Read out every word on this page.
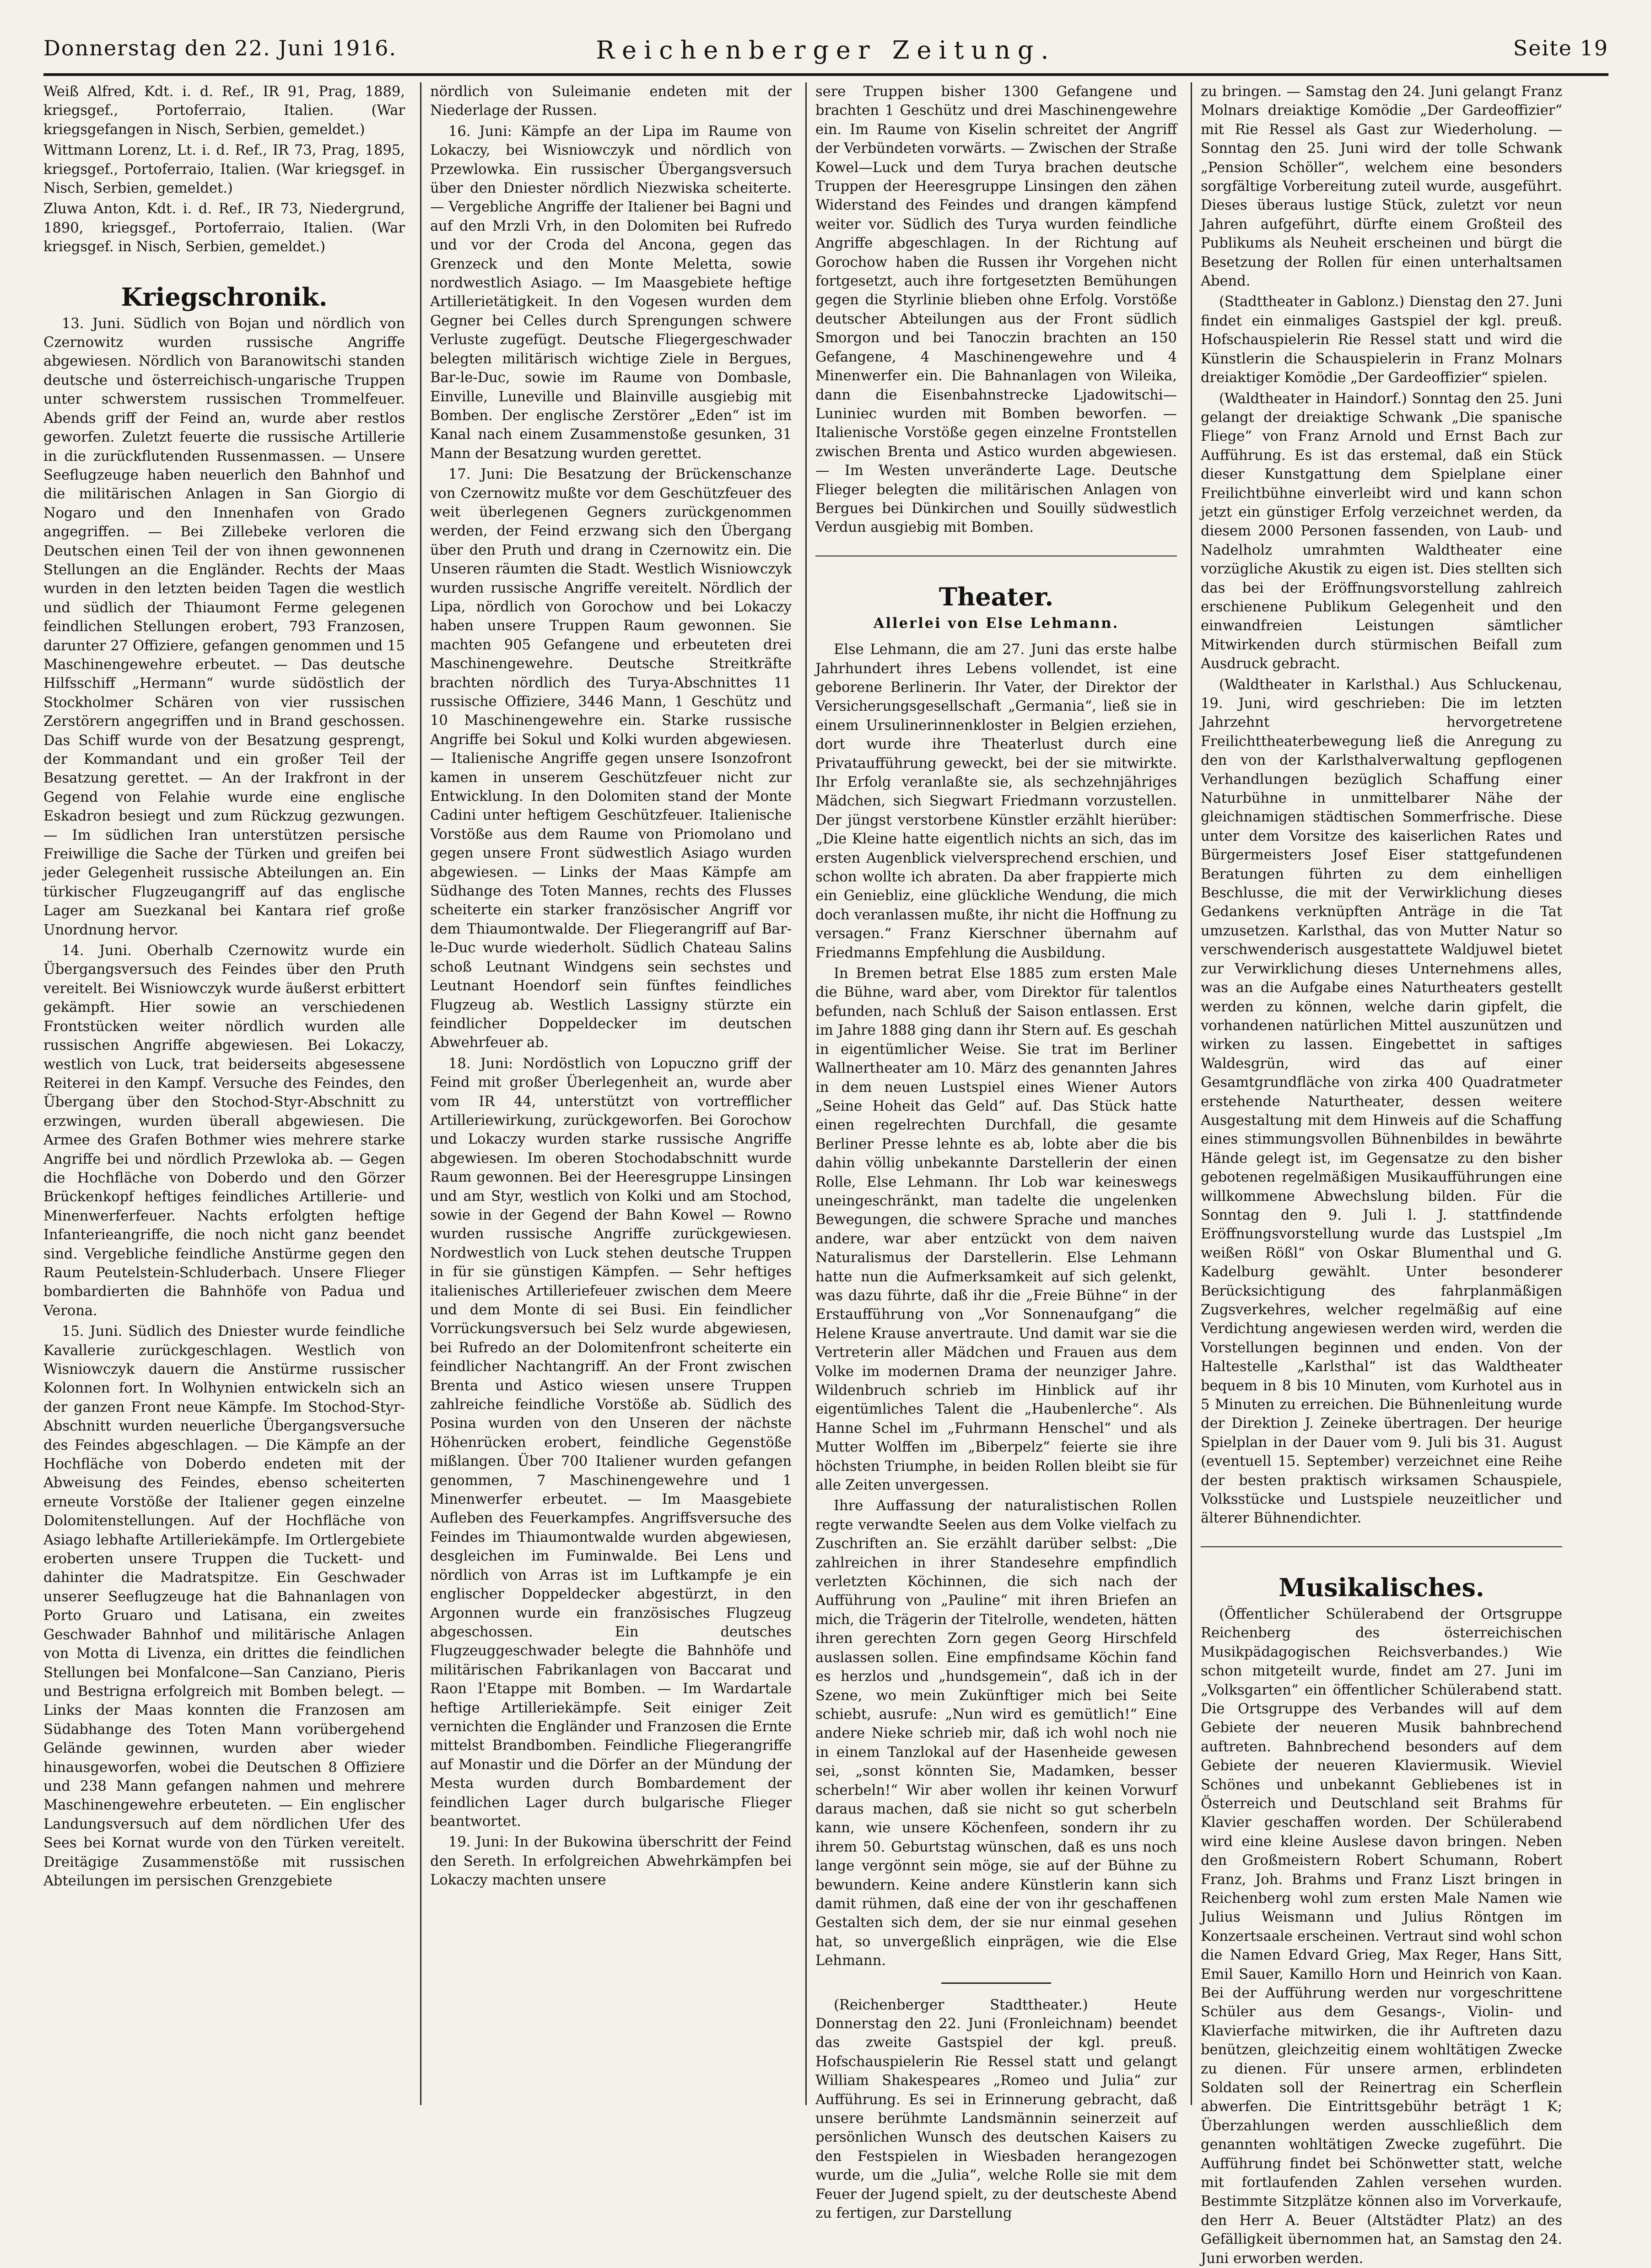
Donnerstag den 22. Juni 1916.	Reichenberger Zeitung.	Seite 19

Weiß Alfred, Kdt. i. d. Ref., IR 91, Prag, 1889, kriegsgef., Portoferraio, Italien. (War kriegsgefangen in Nisch, Serbien, gemeldet.)

Wittmann Lorenz, Lt. i. d. Ref., IR 73, Prag, 1895, kriegsgef., Portoferraio, Italien. (War kriegsgef. in Nisch, Serbien, gemeldet.)

Zluwa Anton, Kdt. i. d. Ref., IR 73, Niedergrund, 1890, kriegsgef., Portoferraio, Italien. (War kriegsgef. in Nisch, Serbien, gemeldet.)

Kriegschronik.

13. Juni. Südlich von Bojan und nördlich von Czernowitz wurden russische Angriffe abgewiesen. Nördlich von Baranowitschi standen deutsche und österreichisch-ungarische Truppen unter schwerstem russischen Trommelfeuer. Abends griff der Feind an, wurde aber restlos geworfen. Zuletzt feuerte die russische Artillerie in die zurückflutenden Russenmassen. — Unsere Seeflugzeuge haben neuerlich den Bahnhof und die militärischen Anlagen in San Giorgio di Nogaro und den Innenhafen von Grado angegriffen. — Bei Zillebeke verloren die Deutschen einen Teil der von ihnen gewonnenen Stellungen an die Engländer. Rechts der Maas wurden in den letzten beiden Tagen die westlich und südlich der Thiaumont Ferme gelegenen feindlichen Stellungen erobert, 793 Franzosen, darunter 27 Offiziere, gefangen genommen und 15 Maschinengewehre erbeutet. — Das deutsche Hilfsschiff „Hermann“ wurde südöstlich der Stockholmer Schären von vier russischen Zerstörern angegriffen und in Brand geschossen. Das Schiff wurde von der Besatzung gesprengt, der Kommandant und ein großer Teil der Besatzung gerettet. — An der Irakfront in der Gegend von Felahie wurde eine englische Eskadron besiegt und zum Rückzug gezwungen. — Im südlichen Iran unterstützen persische Freiwillige die Sache der Türken und greifen bei jeder Gelegenheit russische Abteilungen an. Ein türkischer Flugzeugangriff auf das englische Lager am Suezkanal bei Kantara rief große Unordnung hervor.

14. Juni. Oberhalb Czernowitz wurde ein Übergangsversuch des Feindes über den Pruth vereitelt. Bei Wisniowczyk wurde äußerst erbittert gekämpft. Hier sowie an verschiedenen Frontstücken weiter nördlich wurden alle russischen Angriffe abgewiesen. Bei Lokaczy, westlich von Luck, trat beiderseits abgesessene Reiterei in den Kampf. Versuche des Feindes, den Übergang über den Stochod-Styr-Abschnitt zu erzwingen, wurden überall abgewiesen. Die Armee des Grafen Bothmer wies mehrere starke Angriffe bei und nördlich Przewloka ab. — Gegen die Hochfläche von Doberdo und den Görzer Brückenkopf heftiges feindliches Artillerie- und Minenwerferfeuer. Nachts erfolgten heftige Infanterieangriffe, die noch nicht ganz beendet sind. Vergebliche feindliche Anstürme gegen den Raum Peutelstein-Schluderbach. Unsere Flieger bombardierten die Bahnhöfe von Padua und Verona.

15. Juni. Südlich des Dniester wurde feindliche Kavallerie zurückgeschlagen. Westlich von Wisniowczyk dauern die Anstürme russischer Kolonnen fort. In Wolhynien entwickeln sich an der ganzen Front neue Kämpfe. Im Stochod-Styr-Abschnitt wurden neuerliche Übergangsversuche des Feindes abgeschlagen. — Die Kämpfe an der Hochfläche von Doberdo endeten mit der Abweisung des Feindes, ebenso scheiterten erneute Vorstöße der Italiener gegen einzelne Dolomitenstellungen. Auf der Hochfläche von Asiago lebhafte Artilleriekämpfe. Im Ortlergebiete eroberten unsere Truppen die Tuckett- und dahinter die Madratspitze. Ein Geschwader unserer Seeflugzeuge hat die Bahnanlagen von Porto Gruaro und Latisana, ein zweites Geschwader Bahnhof und militärische Anlagen von Motta di Livenza, ein drittes die feindlichen Stellungen bei Monfalcone—San Canziano, Pieris und Bestrigna erfolgreich mit Bomben belegt. — Links der Maas konnten die Franzosen am Südabhange des Toten Mann vorübergehend Gelände gewinnen, wurden aber wieder hinausgeworfen, wobei die Deutschen 8 Offiziere und 238 Mann gefangen nahmen und mehrere Maschinengewehre erbeuteten. — Ein englischer Landungsversuch auf dem nördlichen Ufer des Sees bei Kornat wurde von den Türken vereitelt. Dreitägige Zusammenstöße mit russischen Abteilungen im persischen Grenzgebiete

nördlich von Suleimanie endeten mit der Niederlage der Russen.

16. Juni: Kämpfe an der Lipa im Raume von Lokaczy, bei Wisniowczyk und nördlich von Przewlowka. Ein russischer Übergangsversuch über den Dniester nördlich Niezwiska scheiterte. — Vergebliche Angriffe der Italiener bei Bagni und auf den Mrzli Vrh, in den Dolomiten bei Rufredo und vor der Croda del Ancona, gegen das Grenzeck und den Monte Meletta, sowie nordwestlich Asiago. — Im Maasgebiete heftige Artillerietätigkeit. In den Vogesen wurden dem Gegner bei Celles durch Sprengungen schwere Verluste zugefügt. Deutsche Fliegergeschwader belegten militärisch wichtige Ziele in Bergues, Bar-le-Duc, sowie im Raume von Dombasle, Einville, Luneville und Blainville ausgiebig mit Bomben. Der englische Zerstörer „Eden“ ist im Kanal nach einem Zusammenstoße gesunken, 31 Mann der Besatzung wurden gerettet.

17. Juni: Die Besatzung der Brückenschanze von Czernowitz mußte vor dem Geschützfeuer des weit überlegenen Gegners zurückgenommen werden, der Feind erzwang sich den Übergang über den Pruth und drang in Czernowitz ein. Die Unseren räumten die Stadt. Westlich Wisniowczyk wurden russische Angriffe vereitelt. Nördlich der Lipa, nördlich von Gorochow und bei Lokaczy haben unsere Truppen Raum gewonnen. Sie machten 905 Gefangene und erbeuteten drei Maschinengewehre. Deutsche Streitkräfte brachten nördlich des Turya-Abschnittes 11 russische Offiziere, 3446 Mann, 1 Geschütz und 10 Maschinengewehre ein. Starke russische Angriffe bei Sokul und Kolki wurden abgewiesen. — Italienische Angriffe gegen unsere Isonzofront kamen in unserem Geschützfeuer nicht zur Entwicklung. In den Dolomiten stand der Monte Cadini unter heftigem Geschützfeuer. Italienische Vorstöße aus dem Raume von Priomolano und gegen unsere Front südwestlich Asiago wurden abgewiesen. — Links der Maas Kämpfe am Südhange des Toten Mannes, rechts des Flusses scheiterte ein starker französischer Angriff vor dem Thiaumontwalde. Der Fliegerangriff auf Bar-le-Duc wurde wiederholt. Südlich Chateau Salins schoß Leutnant Windgens sein sechstes und Leutnant Hoendorf sein fünftes feindliches Flugzeug ab. Westlich Lassigny stürzte ein feindlicher Doppeldecker im deutschen Abwehrfeuer ab.

18. Juni: Nordöstlich von Lopuczno griff der Feind mit großer Überlegenheit an, wurde aber vom IR 44, unterstützt von vortrefflicher Artilleriewirkung, zurückgeworfen. Bei Gorochow und Lokaczy wurden starke russische Angriffe abgewiesen. Im oberen Stochodabschnitt wurde Raum gewonnen. Bei der Heeresgruppe Linsingen und am Styr, westlich von Kolki und am Stochod, sowie in der Gegend der Bahn Kowel — Rowno wurden russische Angriffe zurückgewiesen. Nordwestlich von Luck stehen deutsche Truppen in für sie günstigen Kämpfen. — Sehr heftiges italienisches Artilleriefeuer zwischen dem Meere und dem Monte di sei Busi. Ein feindlicher Vorrückungsversuch bei Selz wurde abgewiesen, bei Rufredo an der Dolomitenfront scheiterte ein feindlicher Nachtangriff. An der Front zwischen Brenta und Astico wiesen unsere Truppen zahlreiche feindliche Vorstöße ab. Südlich des Posina wurden von den Unseren der nächste Höhenrücken erobert, feindliche Gegenstöße mißlangen. Über 700 Italiener wurden gefangen genommen, 7 Maschinengewehre und 1 Minenwerfer erbeutet. — Im Maasgebiete Aufleben des Feuerkampfes. Angriffsversuche des Feindes im Thiaumontwalde wurden abgewiesen, desgleichen im Fuminwalde. Bei Lens und nördlich von Arras ist im Luftkampfe je ein englischer Doppeldecker abgestürzt, in den Argonnen wurde ein französisches Flugzeug abgeschossen. Ein deutsches Flugzeuggeschwader belegte die Bahnhöfe und militärischen Fabrikanlagen von Baccarat und Raon l'Etappe mit Bomben. — Im Wardartale heftige Artilleriekämpfe. Seit einiger Zeit vernichten die Engländer und Franzosen die Ernte mittelst Brandbomben. Feindliche Fliegerangriffe auf Monastir und die Dörfer an der Mündung der Mesta wurden durch Bombardement der feindlichen Lager durch bulgarische Flieger beantwortet.

19. Juni: In der Bukowina überschritt der Feind den Sereth. In erfolgreichen Abwehrkämpfen bei Lokaczy machten unsere

sere Truppen bisher 1300 Gefangene und brachten 1 Geschütz und drei Maschinengewehre ein. Im Raume von Kiselin schreitet der Angriff der Verbündeten vorwärts. — Zwischen der Straße Kowel—Luck und dem Turya brachen deutsche Truppen der Heeresgruppe Linsingen den zähen Widerstand des Feindes und drangen kämpfend weiter vor. Südlich des Turya wurden feindliche Angriffe abgeschlagen. In der Richtung auf Gorochow haben die Russen ihr Vorgehen nicht fortgesetzt, auch ihre fortgesetzten Bemühungen gegen die Styrlinie blieben ohne Erfolg. Vorstöße deutscher Abteilungen aus der Front südlich Smorgon und bei Tanoczin brachten an 150 Gefangene, 4 Maschinengewehre und 4 Minenwerfer ein. Die Bahnanlagen von Wileika, dann die Eisenbahnstrecke Ljadowitschi—Luniniec wurden mit Bomben beworfen. — Italienische Vorstöße gegen einzelne Frontstellen zwischen Brenta und Astico wurden abgewiesen. — Im Westen unveränderte Lage. Deutsche Flieger belegten die militärischen Anlagen von Bergues bei Dünkirchen und Souilly südwestlich Verdun ausgiebig mit Bomben.

Theater.
Allerlei von Else Lehmann.

Else Lehmann, die am 27. Juni das erste halbe Jahrhundert ihres Lebens vollendet, ist eine geborene Berlinerin. Ihr Vater, der Direktor der Versicherungsgesellschaft „Germania“, ließ sie in einem Ursulinerinnenkloster in Belgien erziehen, dort wurde ihre Theaterlust durch eine Privataufführung geweckt, bei der sie mitwirkte. Ihr Erfolg veranlaßte sie, als sechzehnjähriges Mädchen, sich Siegwart Friedmann vorzustellen. Der jüngst verstorbene Künstler erzählt hierüber: „Die Kleine hatte eigentlich nichts an sich, das im ersten Augenblick vielversprechend erschien, und schon wollte ich abraten. Da aber frappierte mich ein Geniebliz, eine glückliche Wendung, die mich doch veranlassen mußte, ihr nicht die Hoffnung zu versagen.“ Franz Kierschner übernahm auf Friedmanns Empfehlung die Ausbildung.

In Bremen betrat Else 1885 zum ersten Male die Bühne, ward aber, vom Direktor für talentlos befunden, nach Schluß der Saison entlassen. Erst im Jahre 1888 ging dann ihr Stern auf. Es geschah in eigentümlicher Weise. Sie trat im Berliner Wallnertheater am 10. März des genannten Jahres in dem neuen Lustspiel eines Wiener Autors „Seine Hoheit das Geld“ auf. Das Stück hatte einen regelrechten Durchfall, die gesamte Berliner Presse lehnte es ab, lobte aber die bis dahin völlig unbekannte Darstellerin der einen Rolle, Else Lehmann. Ihr Lob war keineswegs uneingeschränkt, man tadelte die ungelenken Bewegungen, die schwere Sprache und manches andere, war aber entzückt von dem naiven Naturalismus der Darstellerin. Else Lehmann hatte nun die Aufmerksamkeit auf sich gelenkt, was dazu führte, daß ihr die „Freie Bühne“ in der Erstaufführung von „Vor Sonnenaufgang“ die Helene Krause anvertraute. Und damit war sie die Vertreterin aller Mädchen und Frauen aus dem Volke im modernen Drama der neunziger Jahre. Wildenbruch schrieb im Hinblick auf ihr eigentümliches Talent die „Haubenlerche“. Als Hanne Schel im „Fuhrmann Henschel“ und als Mutter Wolffen im „Biberpelz“ feierte sie ihre höchsten Triumphe, in beiden Rollen bleibt sie für alle Zeiten unvergessen.

Ihre Auffassung der naturalistischen Rollen regte verwandte Seelen aus dem Volke vielfach zu Zuschriften an. Sie erzählt darüber selbst: „Die zahlreichen in ihrer Standesehre empfindlich verletzten Köchinnen, die sich nach der Aufführung von „Pauline“ mit ihren Briefen an mich, die Trägerin der Titelrolle, wendeten, hätten ihren gerechten Zorn gegen Georg Hirschfeld auslassen sollen. Eine empfindsame Köchin fand es herzlos und „hundsgemein“, daß ich in der Szene, wo mein Zukünftiger mich bei Seite schiebt, ausrufe: „Nun wird es gemütlich!“ Eine andere Nieke schrieb mir, daß ich wohl noch nie in einem Tanzlokal auf der Hasenheide gewesen sei, „sonst könnten Sie, Madamken, besser scherbeln!“ Wir aber wollen ihr keinen Vorwurf daraus machen, daß sie nicht so gut scherbeln kann, wie unsere Köchenfeen, sondern ihr zu ihrem 50. Geburtstag wünschen, daß es uns noch lange vergönnt sein möge, sie auf der Bühne zu bewundern. Keine andere Künstlerin kann sich damit rühmen, daß eine der von ihr geschaffenen Gestalten sich dem, der sie nur einmal gesehen hat, so unvergeßlich einprägen, wie die Else Lehmann.

(Reichenberger Stadttheater.) Heute Donnerstag den 22. Juni (Fronleichnam) beendet das zweite Gastspiel der kgl. preuß. Hofschauspielerin Rie Ressel statt und gelangt William Shakespeares „Romeo und Julia“ zur Aufführung. Es sei in Erinnerung gebracht, daß unsere berühmte Landsmännin seinerzeit auf persönlichen Wunsch des deutschen Kaisers zu den Festspielen in Wiesbaden herangezogen wurde, um die „Julia“, welche Rolle sie mit dem Feuer der Jugend spielt, zu der deutscheste Abend zu fertigen, zur Darstellung

zu bringen. — Samstag den 24. Juni gelangt Franz Molnars dreiaktige Komödie „Der Gardeoffizier“ mit Rie Ressel als Gast zur Wiederholung. — Sonntag den 25. Juni wird der tolle Schwank „Pension Schöller“, welchem eine besonders sorgfältige Vorbereitung zuteil wurde, ausgeführt. Dieses überaus lustige Stück, zuletzt vor neun Jahren aufgeführt, dürfte einem Großteil des Publikums als Neuheit erscheinen und bürgt die Besetzung der Rollen für einen unterhaltsamen Abend.

(Stadttheater in Gablonz.) Dienstag den 27. Juni findet ein einmaliges Gastspiel der kgl. preuß. Hofschauspielerin Rie Ressel statt und wird die Künstlerin die Schauspielerin in Franz Molnars dreiaktiger Komödie „Der Gardeoffizier“ spielen.

(Waldtheater in Haindorf.) Sonntag den 25. Juni gelangt der dreiaktige Schwank „Die spanische Fliege“ von Franz Arnold und Ernst Bach zur Aufführung. Es ist das erstemal, daß ein Stück dieser Kunstgattung dem Spielplane einer Freilichtbühne einverleibt wird und kann schon jetzt ein günstiger Erfolg verzeichnet werden, da diesem 2000 Personen fassenden, von Laub- und Nadelholz umrahmten Waldtheater eine vorzügliche Akustik zu eigen ist. Dies stellten sich das bei der Eröffnungsvorstellung zahlreich erschienene Publikum Gelegenheit und den einwandfreien Leistungen sämtlicher Mitwirkenden durch stürmischen Beifall zum Ausdruck gebracht.

(Waldtheater in Karlsthal.) Aus Schluckenau, 19. Juni, wird geschrieben: Die im letzten Jahrzehnt hervorgetretene Freilichttheaterbewegung ließ die Anregung zu den von der Karlsthalverwaltung gepflogenen Verhandlungen bezüglich Schaffung einer Naturbühne in unmittelbarer Nähe der gleichnamigen städtischen Sommerfrische. Diese unter dem Vorsitze des kaiserlichen Rates und Bürgermeisters Josef Eiser stattgefundenen Beratungen führten zu dem einhelligen Beschlusse, die mit der Verwirklichung dieses Gedankens verknüpften Anträge in die Tat umzusetzen. Karlsthal, das von Mutter Natur so verschwenderisch ausgestattete Waldjuwel bietet zur Verwirklichung dieses Unternehmens alles, was an die Aufgabe eines Naturtheaters gestellt werden zu können, welche darin gipfelt, die vorhandenen natürlichen Mittel auszunützen und wirken zu lassen. Eingebettet in saftiges Waldesgrün, wird das auf einer Gesamtgrundfläche von zirka 400 Quadratmeter erstehende Naturtheater, dessen weitere Ausgestaltung mit dem Hinweis auf die Schaffung eines stimmungsvollen Bühnenbildes in bewährte Hände gelegt ist, im Gegensatze zu den bisher gebotenen regelmäßigen Musikaufführungen eine willkommene Abwechslung bilden. Für die Sonntag den 9. Juli l. J. stattfindende Eröffnungsvorstellung wurde das Lustspiel „Im weißen Rößl“ von Oskar Blumenthal und G. Kadelburg gewählt. Unter besonderer Berücksichtigung des fahrplanmäßigen Zugsverkehres, welcher regelmäßig auf eine Verdichtung angewiesen werden wird, werden die Vorstellungen beginnen und enden. Von der Haltestelle „Karlsthal“ ist das Waldtheater bequem in 8 bis 10 Minuten, vom Kurhotel aus in 5 Minuten zu erreichen. Die Bühnenleitung wurde der Direktion J. Zeineke übertragen. Der heurige Spielplan in der Dauer vom 9. Juli bis 31. August (eventuell 15. September) verzeichnet eine Reihe der besten praktisch wirksamen Schauspiele, Volksstücke und Lustspiele neuzeitlicher und älterer Bühnendichter.

Musikalisches.

(Öffentlicher Schülerabend der Ortsgruppe Reichenberg des österreichischen Musikpädagogischen Reichsverbandes.) Wie schon mitgeteilt wurde, findet am 27. Juni im „Volksgarten“ ein öffentlicher Schülerabend statt. Die Ortsgruppe des Verbandes will auf dem Gebiete der neueren Musik bahnbrechend auftreten. Bahnbrechend besonders auf dem Gebiete der neueren Klaviermusik. Wieviel Schönes und unbekannt Gebliebenes ist in Österreich und Deutschland seit Brahms für Klavier geschaffen worden. Der Schülerabend wird eine kleine Auslese davon bringen. Neben den Großmeistern Robert Schumann, Robert Franz, Joh. Brahms und Franz Liszt bringen in Reichenberg wohl zum ersten Male Namen wie Julius Weismann und Julius Röntgen im Konzertsaale erscheinen. Vertraut sind wohl schon die Namen Edvard Grieg, Max Reger, Hans Sitt, Emil Sauer, Kamillo Horn und Heinrich von Kaan. Bei der Aufführung werden nur vorgeschrittene Schüler aus dem Gesangs-, Violin- und Klavierfache mitwirken, die ihr Auftreten dazu benützen, gleichzeitig einem wohltätigen Zwecke zu dienen. Für unsere armen, erblindeten Soldaten soll der Reinertrag ein Scherflein abwerfen. Die Eintrittsgebühr beträgt 1 K; Überzahlungen werden ausschließlich dem genannten wohltätigen Zwecke zugeführt. Die Aufführung findet bei Schönwetter statt, welche mit fortlaufenden Zahlen versehen wurden. Bestimmte Sitzplätze können also im Vorverkaufe, den Herr A. Beuer (Altstädter Platz) an des Gefälligkeit übernommen hat, an Samstag den 24. Juni erworben werden.
